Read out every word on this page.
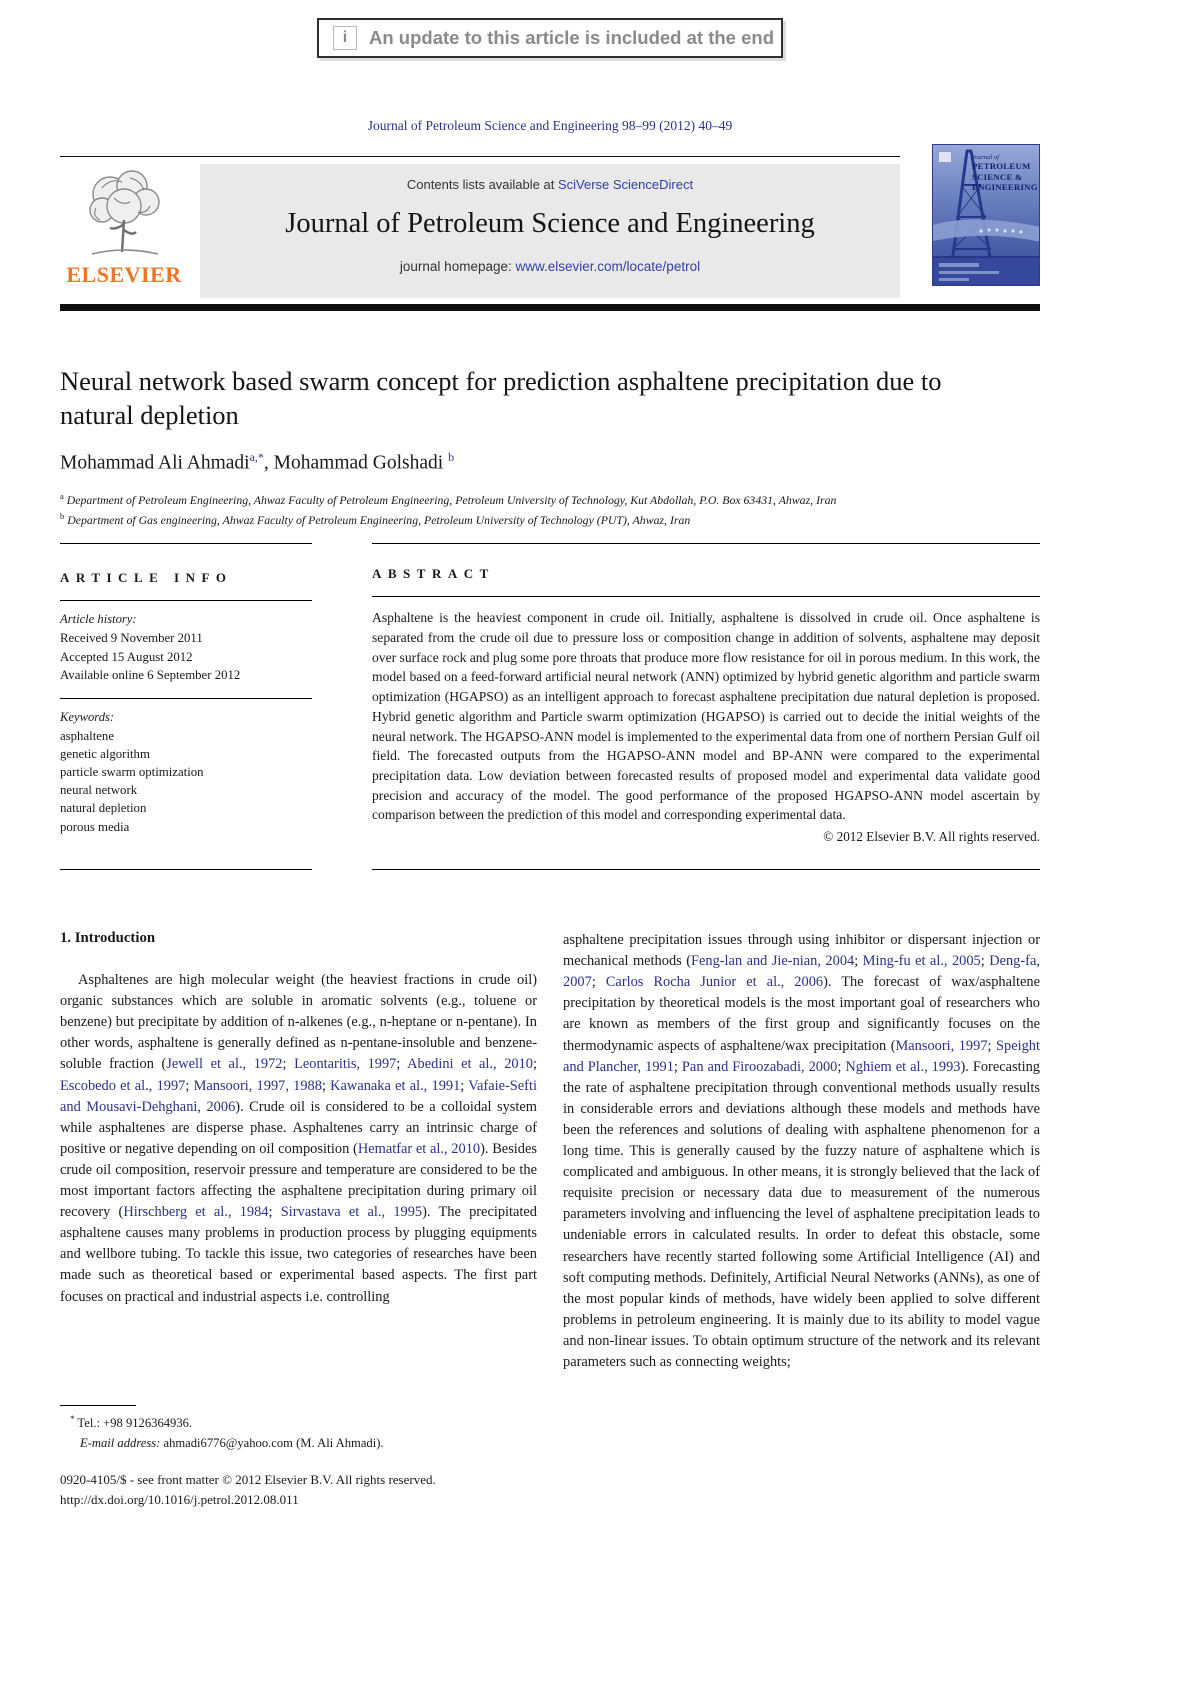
i	An update to this article is included at the end
Journal of Petroleum Science and Engineering 98–99 (2012) 40–49
ELSEVIER
Contents lists available at SciVerse ScienceDirect
Journal of Petroleum Science and Engineering
journal homepage: www.elsevier.com/locate/petrol
Journal of
PETROLEUM
SCIENCE &
ENGINEERING
Neural network based swarm concept for prediction asphaltene precipitation due to natural depletion
Mohammad Ali Ahmadi$^{a,*}$, Mohammad Golshadi $^b$
$^a$ Department of Petroleum Engineering, Ahwaz Faculty of Petroleum Engineering, Petroleum University of Technology, Kut Abdollah, P.O. Box 63431, Ahwaz, Iran
$^b$ Department of Gas engineering, Ahwaz Faculty of Petroleum Engineering, Petroleum University of Technology (PUT), Ahwaz, Iran
ARTICLE INFO
Article history:
Received 9 November 2011
Accepted 15 August 2012
Available online 6 September 2012
Keywords:
asphaltene
genetic algorithm
particle swarm optimization
neural network
natural depletion
porous media
ABSTRACT

Asphaltene is the heaviest component in crude oil. Initially, asphaltene is dissolved in crude oil. Once asphaltene is separated from the crude oil due to pressure loss or composition change in addition of solvents, asphaltene may deposit over surface rock and plug some pore throats that produce more flow resistance for oil in porous medium. In this work, the model based on a feed-forward artificial neural network (ANN) optimized by hybrid genetic algorithm and particle swarm optimization (HGAPSO) as an intelligent approach to forecast asphaltene precipitation due natural depletion is proposed. Hybrid genetic algorithm and Particle swarm optimization (HGAPSO) is carried out to decide the initial weights of the neural network. The HGAPSO-ANN model is implemented to the experimental data from one of northern Persian Gulf oil field. The forecasted outputs from the HGAPSO-ANN model and BP-ANN were compared to the experimental precipitation data. Low deviation between forecasted results of proposed model and experimental data validate good precision and accuracy of the model. The good performance of the proposed HGAPSO-ANN model ascertain by comparison between the prediction of this model and corresponding experimental data.

© 2012 Elsevier B.V. All rights reserved.
1. Introduction

Asphaltenes are high molecular weight (the heaviest fractions in crude oil) organic substances which are soluble in aromatic solvents (e.g., toluene or benzene) but precipitate by addition of n-alkenes (e.g., n-heptane or n-pentane). In other words, asphaltene is generally defined as n-pentane-insoluble and benzene-soluble fraction (Jewell et al., 1972; Leontaritis, 1997; Abedini et al., 2010; Escobedo et al., 1997; Mansoori, 1997, 1988; Kawanaka et al., 1991; Vafaie-Sefti and Mousavi-Dehghani, 2006). Crude oil is considered to be a colloidal system while asphaltenes are disperse phase. Asphaltenes carry an intrinsic charge of positive or negative depending on oil composition (Hematfar et al., 2010). Besides crude oil composition, reservoir pressure and temperature are considered to be the most important factors affecting the asphaltene precipitation during primary oil recovery (Hirschberg et al., 1984; Sirvastava et al., 1995). The precipitated asphaltene causes many problems in production process by plugging equipments and wellbore tubing. To tackle this issue, two categories of researches have been made such as theoretical based or experimental based aspects. The first part focuses on practical and industrial aspects i.e. controlling

asphaltene precipitation issues through using inhibitor or dispersant injection or mechanical methods (Feng-lan and Jie-nian, 2004; Ming-fu et al., 2005; Deng-fa, 2007; Carlos Rocha Junior et al., 2006). The forecast of wax/asphaltene precipitation by theoretical models is the most important goal of researchers who are known as members of the first group and significantly focuses on the thermodynamic aspects of asphaltene/wax precipitation (Mansoori, 1997; Speight and Plancher, 1991; Pan and Firoozabadi, 2000; Nghiem et al., 1993). Forecasting the rate of asphaltene precipitation through conventional methods usually results in considerable errors and deviations although these models and methods have been the references and solutions of dealing with asphaltene phenomenon for a long time. This is generally caused by the fuzzy nature of asphaltene which is complicated and ambiguous. In other means, it is strongly believed that the lack of requisite precision or necessary data due to measurement of the numerous parameters involving and influencing the level of asphaltene precipitation leads to undeniable errors in calculated results. In order to defeat this obstacle, some researchers have recently started following some Artificial Intelligence (AI) and soft computing methods. Definitely, Artificial Neural Networks (ANNs), as one of the most popular kinds of methods, have widely been applied to solve different problems in petroleum engineering. It is mainly due to its ability to model vague and non-linear issues. To obtain optimum structure of the network and its relevant parameters such as connecting weights;

* Tel.: +98 9126364936.
E-mail address: ahmadi6776@yahoo.com (M. Ali Ahmadi).
0920-4105/$ - see front matter © 2012 Elsevier B.V. All rights reserved.
http://dx.doi.org/10.1016/j.petrol.2012.08.011
